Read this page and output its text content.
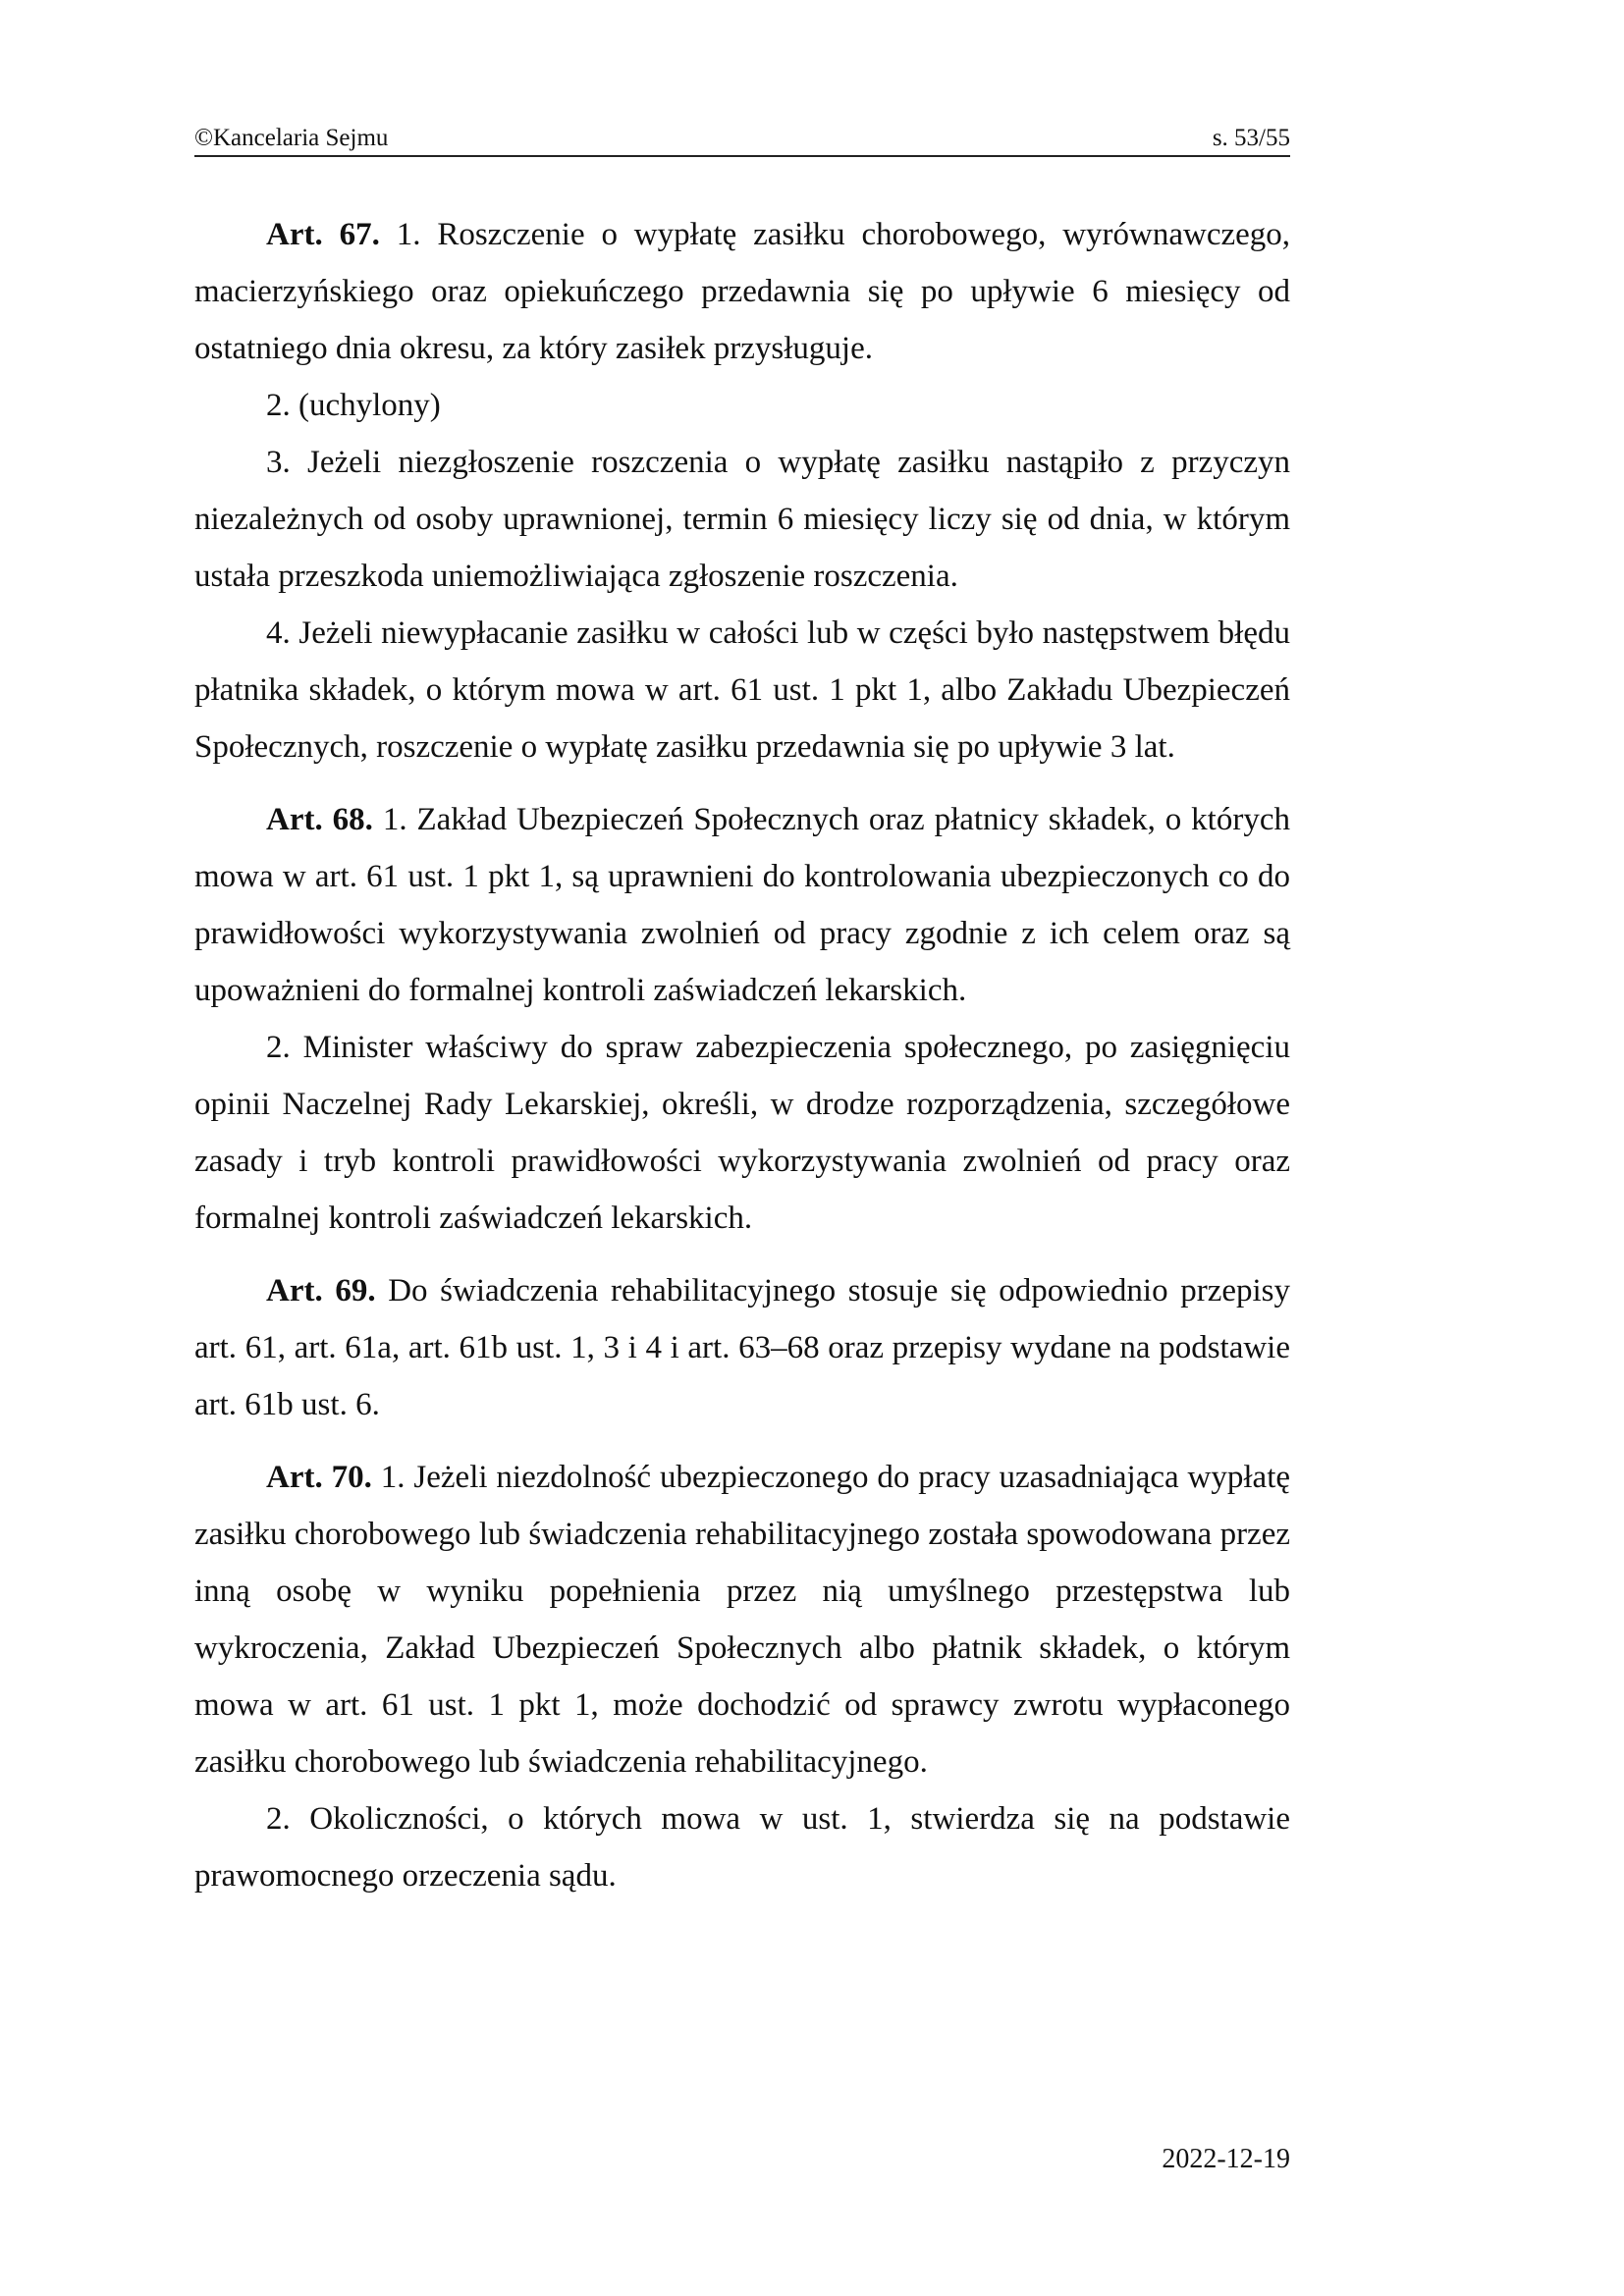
©Kancelaria Sejmu	s. 53/55

Art. 67. 1. Roszczenie o wypłatę zasiłku chorobowego, wyrównawczego, macierzyńskiego oraz opiekuńczego przedawnia się po upływie 6 miesięcy od ostatniego dnia okresu, za który zasiłek przysługuje.

2. (uchylony)

3. Jeżeli niezgłoszenie roszczenia o wypłatę zasiłku nastąpiło z przyczyn niezależnych od osoby uprawnionej, termin 6 miesięcy liczy się od dnia, w którym ustała przeszkoda uniemożliwiająca zgłoszenie roszczenia.

4. Jeżeli niewypłacanie zasiłku w całości lub w części było następstwem błędu płatnika składek, o którym mowa w art. 61 ust. 1 pkt 1, albo Zakładu Ubezpieczeń Społecznych, roszczenie o wypłatę zasiłku przedawnia się po upływie 3 lat.

Art. 68. 1. Zakład Ubezpieczeń Społecznych oraz płatnicy składek, o których mowa w art. 61 ust. 1 pkt 1, są uprawnieni do kontrolowania ubezpieczonych co do prawidłowości wykorzystywania zwolnień od pracy zgodnie z ich celem oraz są upoważnieni do formalnej kontroli zaświadczeń lekarskich.

2. Minister właściwy do spraw zabezpieczenia społecznego, po zasięgnięciu opinii Naczelnej Rady Lekarskiej, określi, w drodze rozporządzenia, szczegółowe zasady i tryb kontroli prawidłowości wykorzystywania zwolnień od pracy oraz formalnej kontroli zaświadczeń lekarskich.

Art. 69. Do świadczenia rehabilitacyjnego stosuje się odpowiednio przepisy art. 61, art. 61a, art. 61b ust. 1, 3 i 4 i art. 63–68 oraz przepisy wydane na podstawie art. 61b ust. 6.

Art. 70. 1. Jeżeli niezdolność ubezpieczonego do pracy uzasadniająca wypłatę zasiłku chorobowego lub świadczenia rehabilitacyjnego została spowodowana przez inną osobę w wyniku popełnienia przez nią umyślnego przestępstwa lub wykroczenia, Zakład Ubezpieczeń Społecznych albo płatnik składek, o którym mowa w art. 61 ust. 1 pkt 1, może dochodzić od sprawcy zwrotu wypłaconego zasiłku chorobowego lub świadczenia rehabilitacyjnego.

2. Okoliczności, o których mowa w ust. 1, stwierdza się na podstawie prawomocnego orzeczenia sądu.

2022-12-19
